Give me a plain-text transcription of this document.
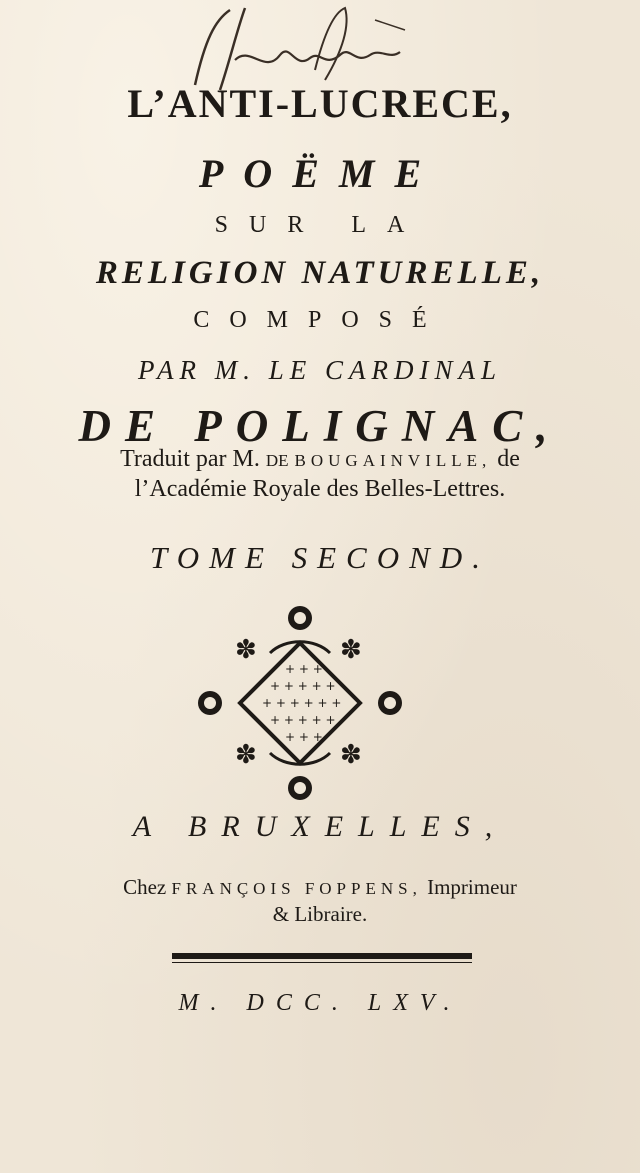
L’ANTI-LUCRECE,
POËME
SUR LA
RELIGION NATURELLE,
COMPOSÉ
PAR M. LE CARDINAL
DE POLIGNAC,
Traduit par M. DE BOUGAINVILLE, de
l’Académie Royale des Belles-Lettres.
TOME SECOND.
✽	✽
✽	✽
+ + +
+ + + + +
+ + + + + +
+ + + + +
+ + +
A BRUXELLES,
Chez FRANÇOIS FOPPENS, Imprimeur
& Libraire.
M. DCC. LXV.
